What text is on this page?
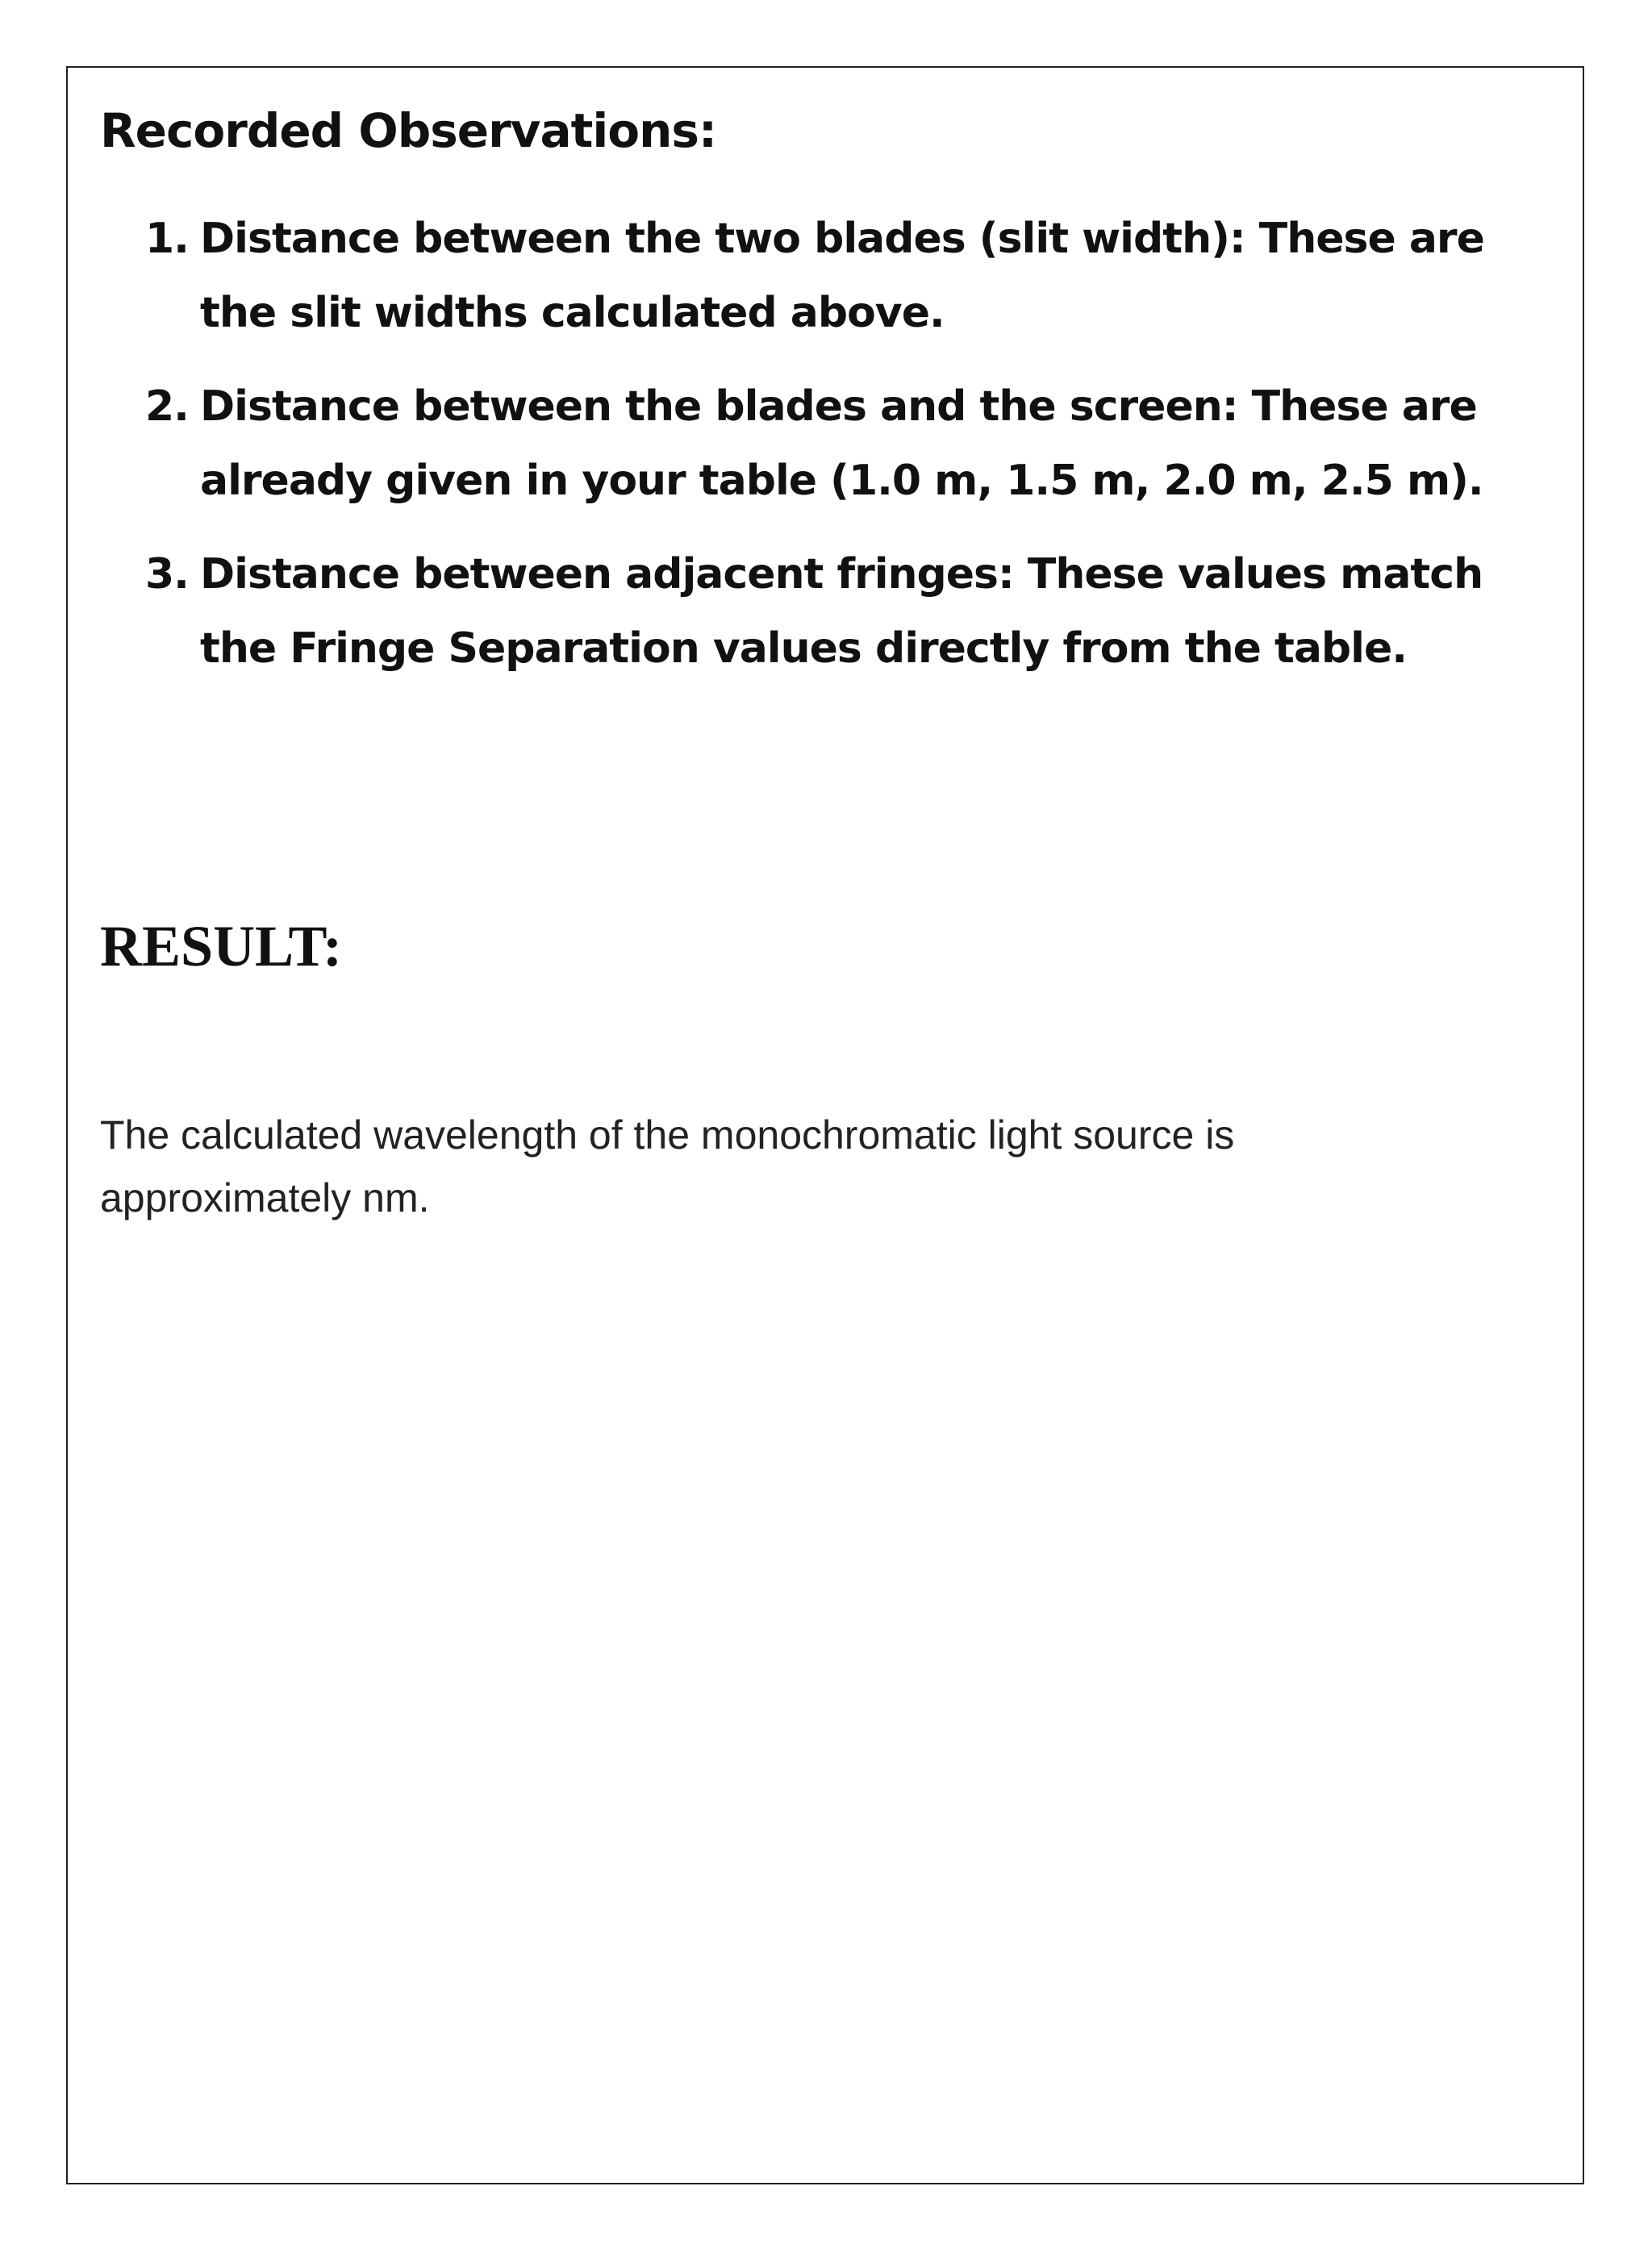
Recorded Observations:
1. Distance between the two blades (slit width): These are the slit widths calculated above.
2. Distance between the blades and the screen: These are already given in your table (1.0 m, 1.5 m, 2.0 m, 2.5 m).
3. Distance between adjacent fringes: These values match the Fringe Separation values directly from the table.
RESULT:

The calculated wavelength of the monochromatic light source is approximately nm.
